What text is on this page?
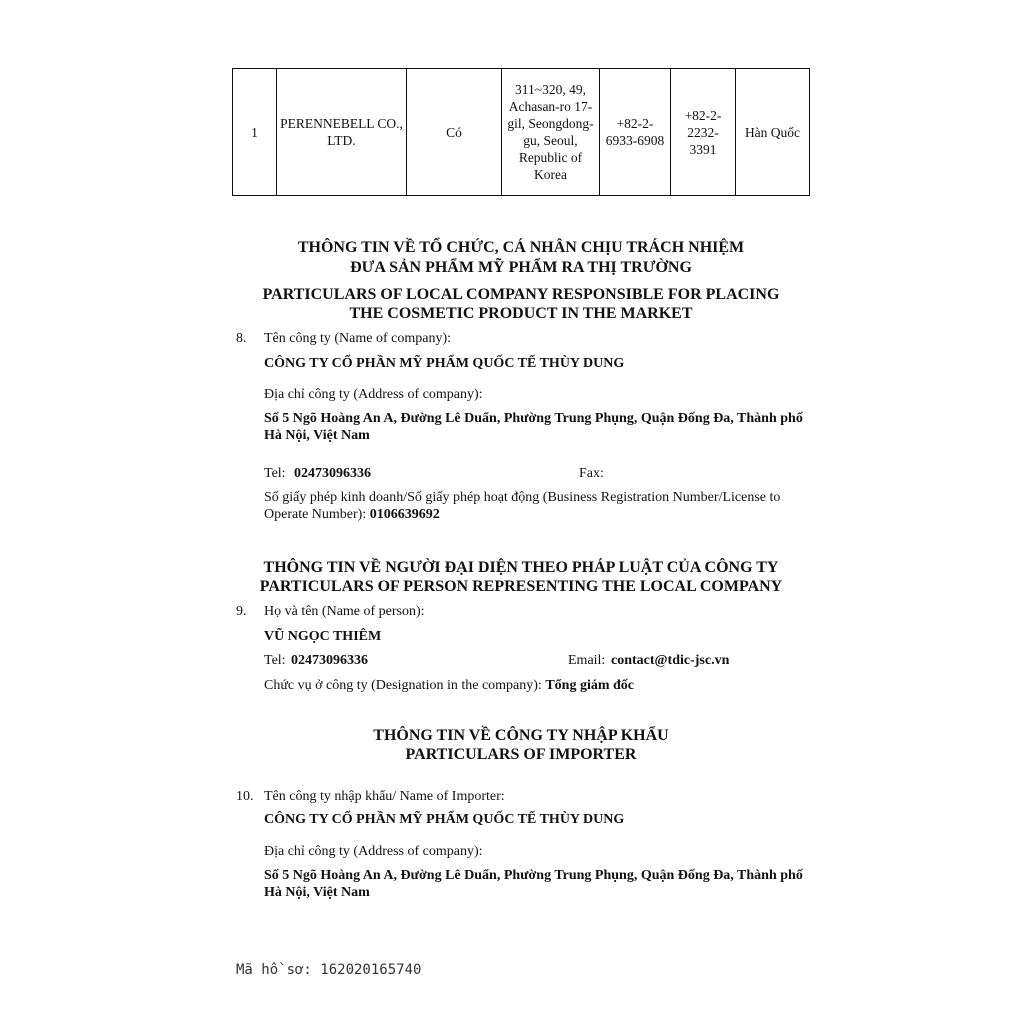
1	PERENNEBELL CO., LTD.	Có	311~320, 49, Achasan-ro 17-gil, Seongdong-gu, Seoul, Republic of Korea	+82-2-6933-6908	+82-2-2232-3391	Hàn Quốc
THÔNG TIN VỀ TỔ CHỨC, CÁ NHÂN CHỊU TRÁCH NHIỆM
ĐƯA SẢN PHẨM MỸ PHẨM RA THỊ TRƯỜNG
PARTICULARS OF LOCAL COMPANY RESPONSIBLE FOR PLACING
THE COSMETIC PRODUCT IN THE MARKET
8. Tên công ty (Name of company):
CÔNG TY CỔ PHẦN MỸ PHẨM QUỐC TẾ THÙY DUNG
Địa chỉ công ty (Address of company):
Số 5 Ngõ Hoàng An A, Đường Lê Duẩn, Phường Trung Phụng, Quận Đống Đa, Thành phố Hà Nội, Việt Nam
Tel: 02473096336	Fax:
Số giấy phép kinh doanh/Số giấy phép hoạt động (Business Registration Number/License to Operate Number): 0106639692
THÔNG TIN VỀ NGƯỜI ĐẠI DIỆN THEO PHÁP LUẬT CỦA CÔNG TY
PARTICULARS OF PERSON REPRESENTING THE LOCAL COMPANY
9. Họ và tên (Name of person):
VŨ NGỌC THIÊM
Tel: 02473096336	Email: contact@tdic-jsc.vn
Chức vụ ở công ty (Designation in the company): Tổng giám đốc
THÔNG TIN VỀ CÔNG TY NHẬP KHẨU
PARTICULARS OF IMPORTER
10. Tên công ty nhập khẩu/ Name of Importer:
CÔNG TY CỔ PHẦN MỸ PHẨM QUỐC TẾ THÙY DUNG
Địa chỉ công ty (Address of company):
Số 5 Ngõ Hoàng An A, Đường Lê Duẩn, Phường Trung Phụng, Quận Đống Đa, Thành phố Hà Nội, Việt Nam
Mã hồ sơ: 162020165740
